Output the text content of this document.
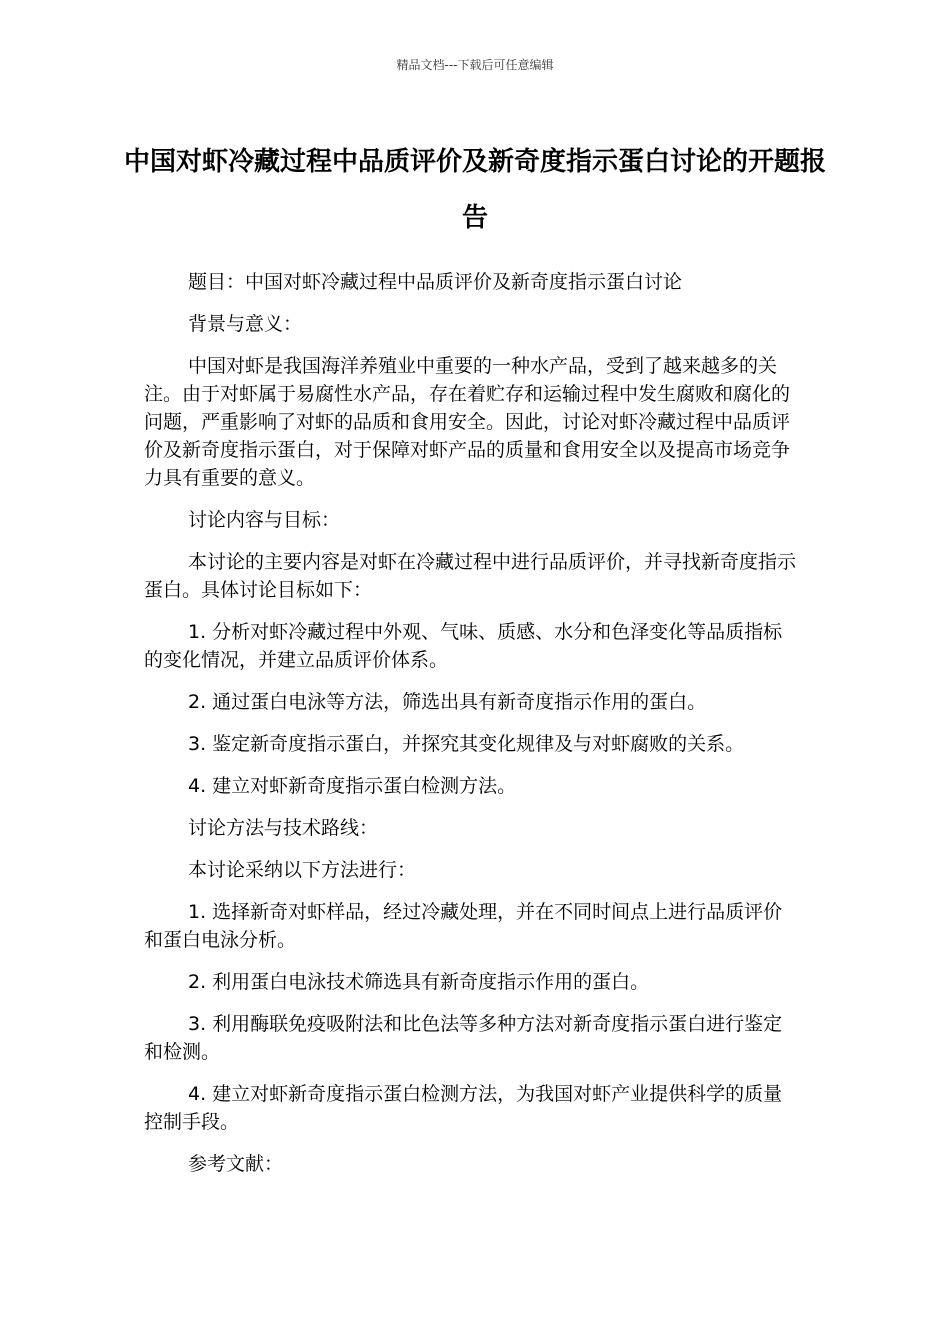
精品文档---下载后可任意编辑
中国对虾冷藏过程中品质评价及新奇度指示蛋白讨论的开题报告

题目：中国对虾冷藏过程中品质评价及新奇度指示蛋白讨论

背景与意义：

中国对虾是我国海洋养殖业中重要的一种水产品，受到了越来越多的关注。由于对虾属于易腐性水产品，存在着贮存和运输过程中发生腐败和腐化的问题，严重影响了对虾的品质和食用安全。因此，讨论对虾冷藏过程中品质评价及新奇度指示蛋白，对于保障对虾产品的质量和食用安全以及提高市场竞争力具有重要的意义。

讨论内容与目标：

本讨论的主要内容是对虾在冷藏过程中进行品质评价，并寻找新奇度指示蛋白。具体讨论目标如下：

1. 分析对虾冷藏过程中外观、气味、质感、水分和色泽变化等品质指标的变化情况，并建立品质评价体系。

2. 通过蛋白电泳等方法，筛选出具有新奇度指示作用的蛋白。

3. 鉴定新奇度指示蛋白，并探究其变化规律及与对虾腐败的关系。

4. 建立对虾新奇度指示蛋白检测方法。

讨论方法与技术路线：

本讨论采纳以下方法进行：

1. 选择新奇对虾样品，经过冷藏处理，并在不同时间点上进行品质评价和蛋白电泳分析。

2. 利用蛋白电泳技术筛选具有新奇度指示作用的蛋白。

3. 利用酶联免疫吸附法和比色法等多种方法对新奇度指示蛋白进行鉴定和检测。

4. 建立对虾新奇度指示蛋白检测方法，为我国对虾产业提供科学的质量控制手段。

参考文献：
